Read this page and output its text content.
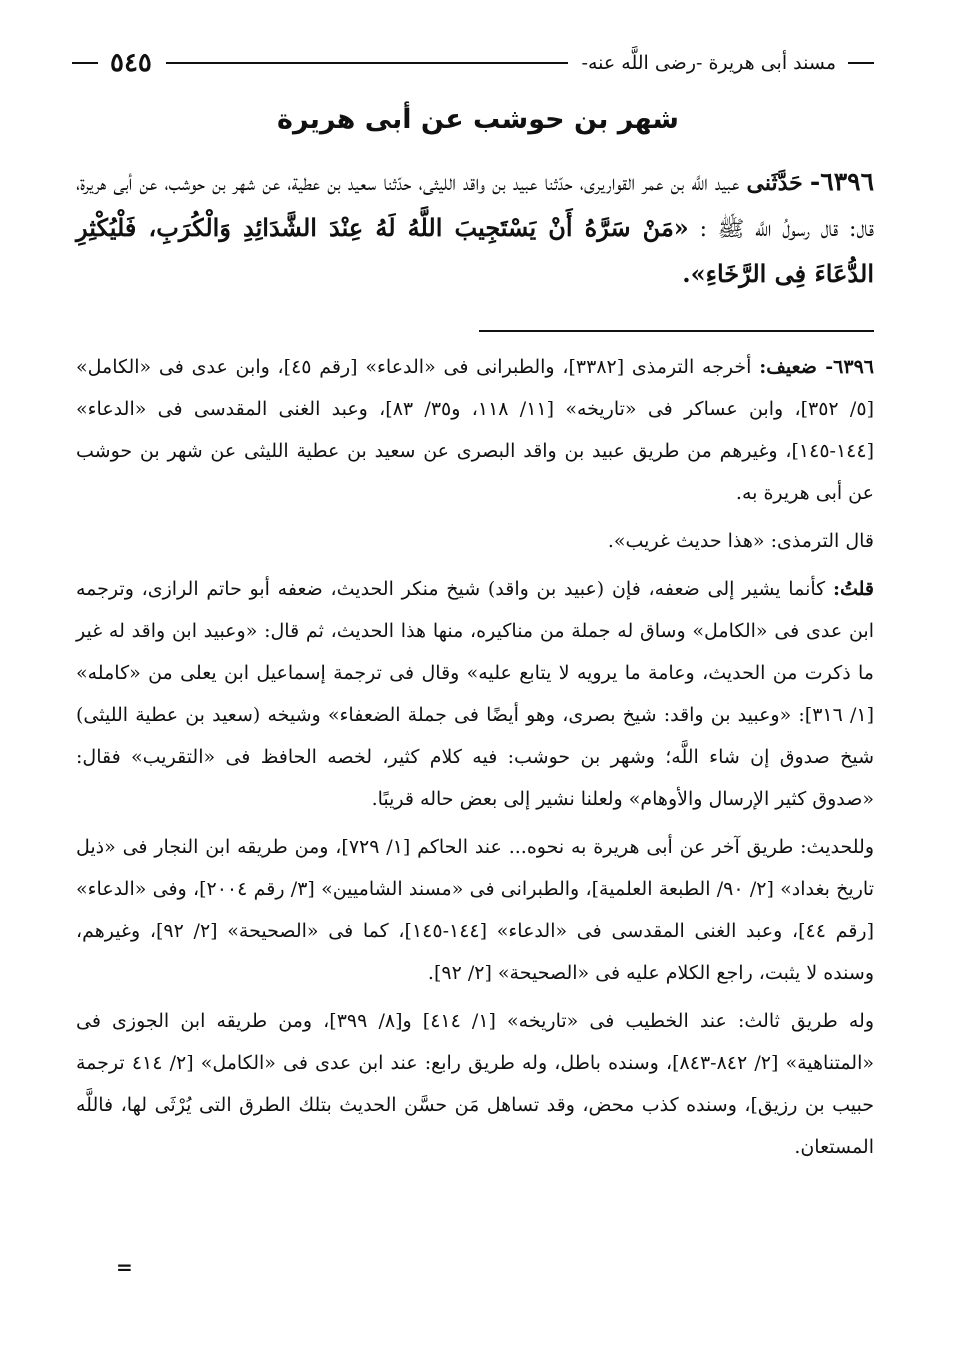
مسند أبى هريرة -رضى اللَّه عنه-
٥٤٥
شهر بن حوشب عن أبى هريرة
٦٣٩٦- حَدَّثَنى عبيد اللَّه بن عمر القواريرى، حدّثنا عبيد بن واقد الليثى، حدّثنا سعيد بن عطية، عن شهر بن حوشب، عن أبى هريرة، قال: قال رسولُ اللَّه ﷺ : «مَنْ سَرَّهُ أَنْ يَسْتَجِيبَ اللَّهُ لَهُ عِنْدَ الشَّدَائِدِ وَالْكُرَبِ، فَلْيُكْثِرِ الدُّعَاءَ فِى الرَّخَاءِ».

٦٣٩٦- ضعيف: أخرجه الترمذى [٣٣٨٢]، والطبرانى فى «الدعاء» [رقم ٤٥]، وابن عدى فى «الكامل» [٥/ ٣٥٢]، وابن عساكر فى «تاريخه» [١١/ ١١٨، و٣٥/ ٨٣]، وعبد الغنى المقدسى فى «الدعاء» [١٤٤-١٤٥]، وغيرهم من طريق عبيد بن واقد البصرى عن سعيد بن عطية الليثى عن شهر بن حوشب عن أبى هريرة به.

قال الترمذى: «هذا حديث غريب».

قلتُ: كأنما يشير إلى ضعفه، فإن (عبيد بن واقد) شيخ منكر الحديث، ضعفه أبو حاتم الرازى، وترجمه ابن عدى فى «الكامل» وساق له جملة من مناكيره، منها هذا الحديث، ثم قال: «وعبيد ابن واقد له غير ما ذكرت من الحديث، وعامة ما يرويه لا يتابع عليه» وقال فى ترجمة إسماعيل ابن يعلى من «كامله» [١/ ٣١٦]: «وعبيد بن واقد: شيخ بصرى، وهو أيضًا فى جملة الضعفاء» وشيخه (سعيد بن عطية الليثى) شيخ صدوق إن شاء اللَّه؛ وشهر بن حوشب: فيه كلام كثير، لخصه الحافظ فى «التقريب» فقال: «صدوق كثير الإرسال والأوهام» ولعلنا نشير إلى بعض حاله قريبًا.

وللحديث: طريق آخر عن أبى هريرة به نحوه... عند الحاكم [١/ ٧٢٩]، ومن طريقه ابن النجار فى «ذيل تاريخ بغداد» [٢/ ٩٠/ الطبعة العلمية]، والطبرانى فى «مسند الشاميين» [٣/ رقم ٢٠٠٤]، وفى «الدعاء» [رقم ٤٤]، وعبد الغنى المقدسى فى «الدعاء» [١٤٤-١٤٥]، كما فى «الصحيحة» [٢/ ٩٢]، وغيرهم، وسنده لا يثبت، راجع الكلام عليه فى «الصحيحة» [٢/ ٩٢].

وله طريق ثالث: عند الخطيب فى «تاريخه» [١/ ٤١٤] و[٨/ ٣٩٩]، ومن طريقه ابن الجوزى فى «المتناهية» [٢/ ٨٤٢-٨٤٣]، وسنده باطل، وله طريق رابع: عند ابن عدى فى «الكامل» [٢/ ٤١٤ ترجمة حبيب بن رزيق]، وسنده كذب محض، وقد تساهل مَن حسَّن الحديث بتلك الطرق التى يُرْثَى لها، فاللَّه المستعان.

=
